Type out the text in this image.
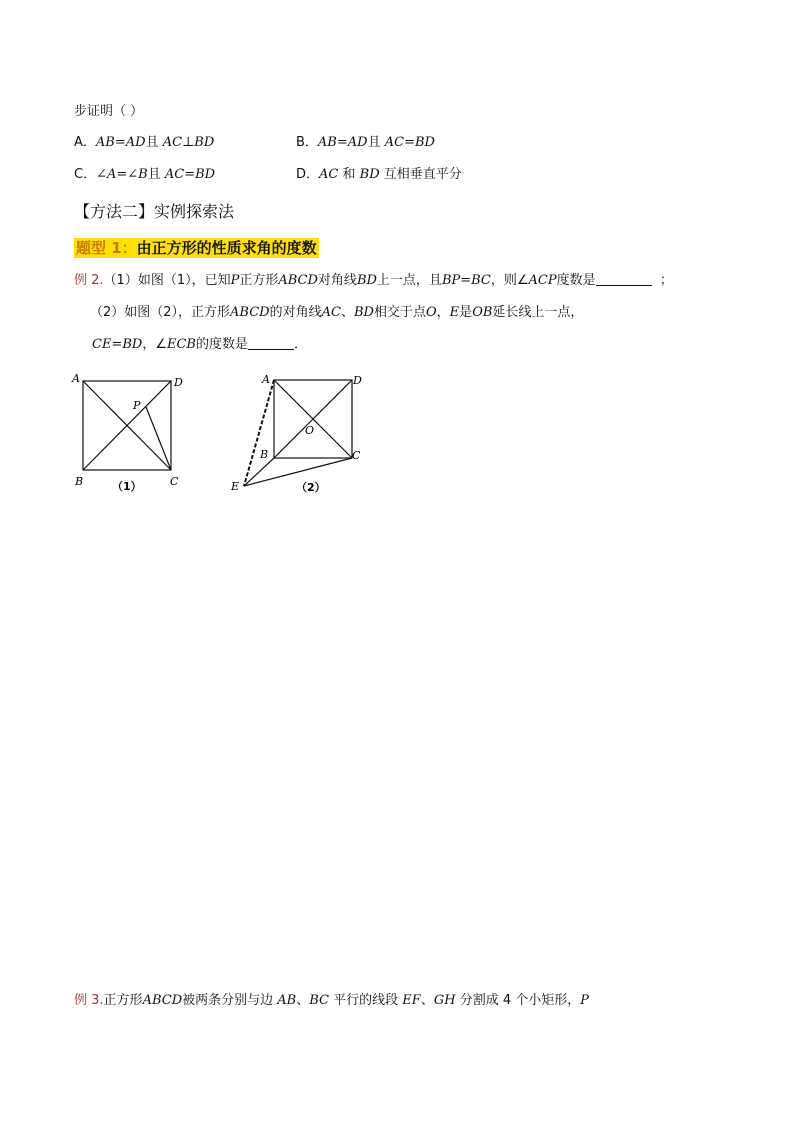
步证明（ ）
A．AB=AD且 AC⊥BD	B．AB=AD且 AC=BD
C．∠A=∠B且 AC=BD	D．AC 和 BD 互相垂直平分
【方法二】实例探索法
题型 1：由正方形的性质求角的度数
例 2.（1）如图（1），已知P正方形ABCD对角线BD上一点，且BP=BC，则∠ACP度数是	；
（2）如图（2），正方形ABCD的对角线AC、BD相交于点O，E是OB延长线上一点，
CE=BD，∠ECB的度数是	．
A	D
B	C
P
（1）
A	D
B	C
O
E	（2）
例 3.正方形ABCD被两条分别与边 AB、BC 平行的线段 EF、GH 分割成 4 个小矩形，P
